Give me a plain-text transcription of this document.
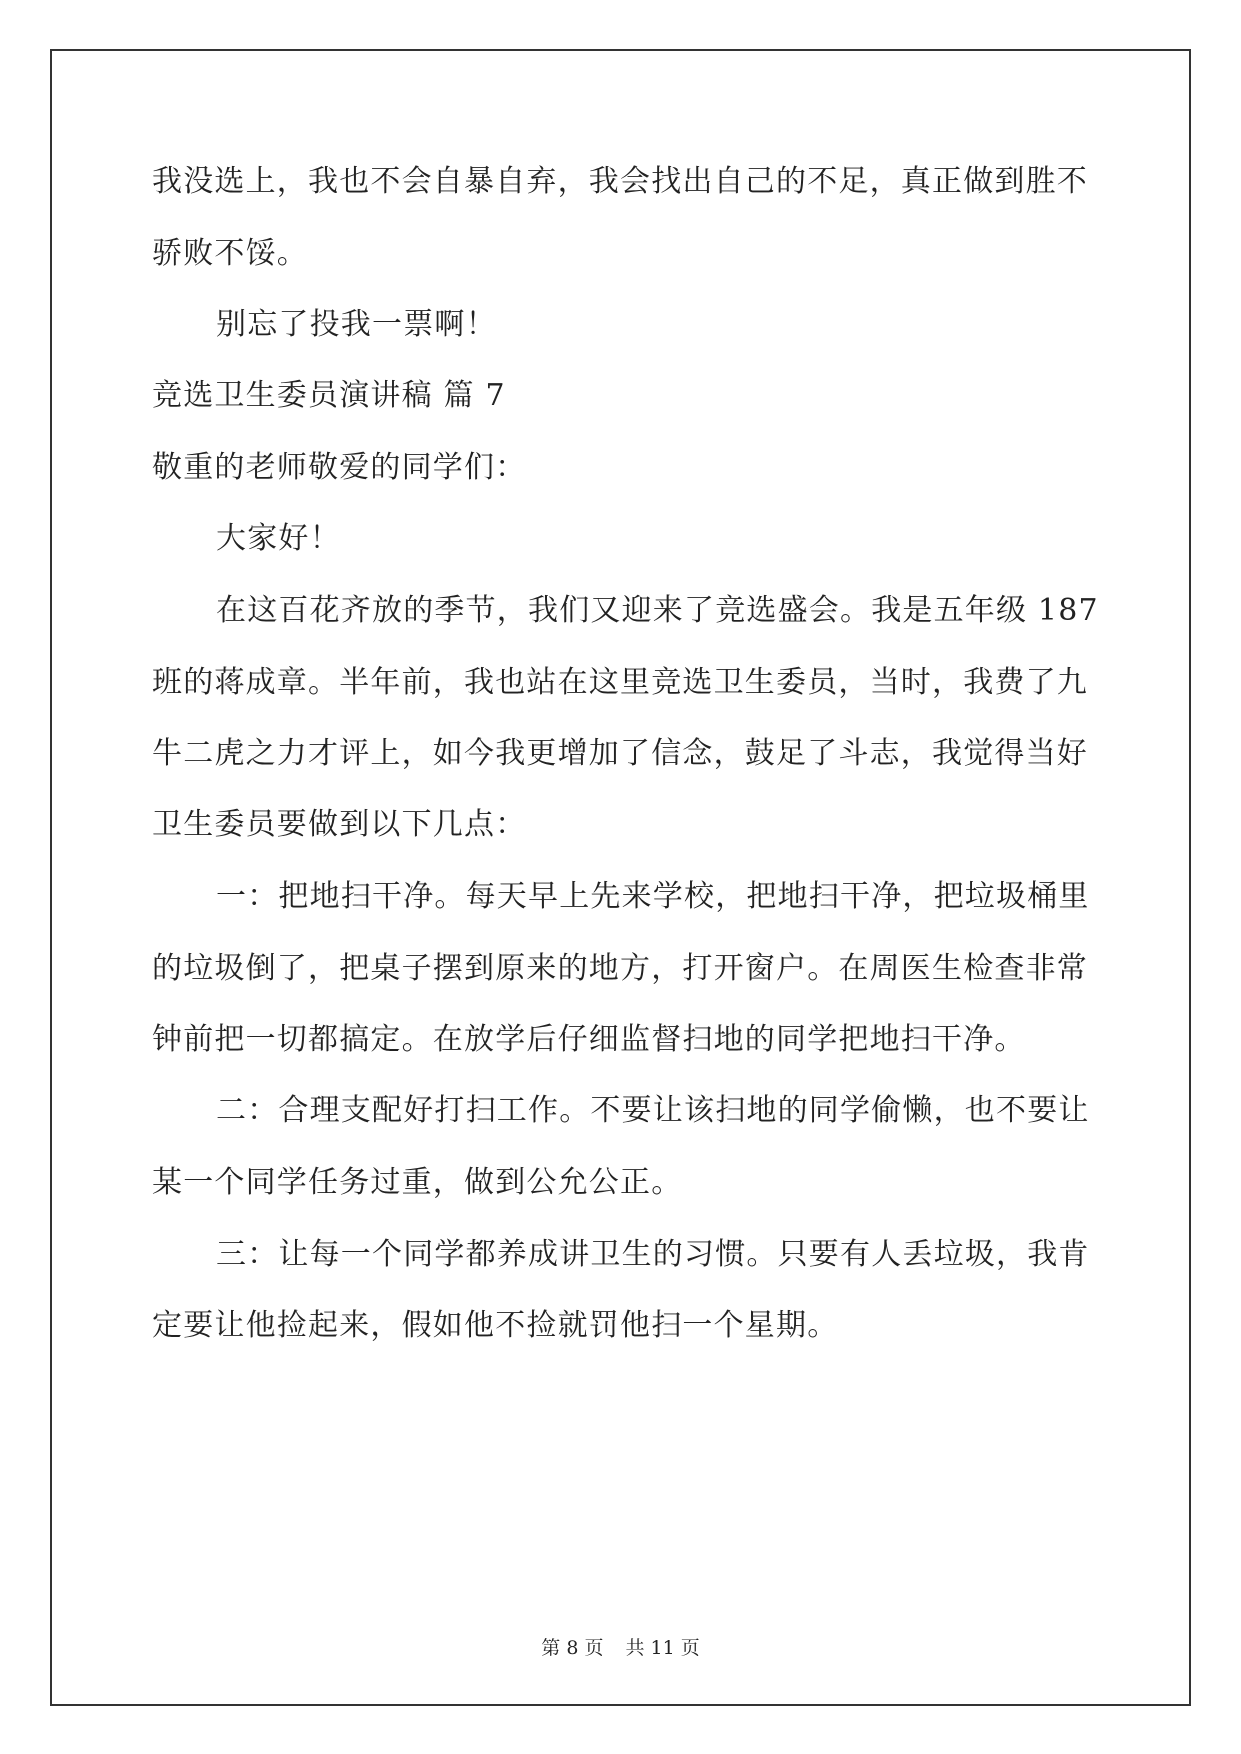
我没选上，我也不会自暴自弃，我会找出自己的不足，真正做到胜不
骄败不馁。
别忘了投我一票啊！
竞选卫生委员演讲稿 篇 7
敬重的老师敬爱的同学们：
大家好！
在这百花齐放的季节，我们又迎来了竞选盛会。我是五年级 187
班的蒋成章。半年前，我也站在这里竞选卫生委员，当时，我费了九
牛二虎之力才评上，如今我更增加了信念，鼓足了斗志，我觉得当好
卫生委员要做到以下几点：
一：把地扫干净。每天早上先来学校，把地扫干净，把垃圾桶里
的垃圾倒了，把桌子摆到原来的地方，打开窗户。在周医生检查非常
钟前把一切都搞定。在放学后仔细监督扫地的同学把地扫干净。
二：合理支配好打扫工作。不要让该扫地的同学偷懒，也不要让
某一个同学任务过重，做到公允公正。
三：让每一个同学都养成讲卫生的习惯。只要有人丢垃圾，我肯
定要让他捡起来，假如他不捡就罚他扫一个星期。
第 8 页 共 11 页
